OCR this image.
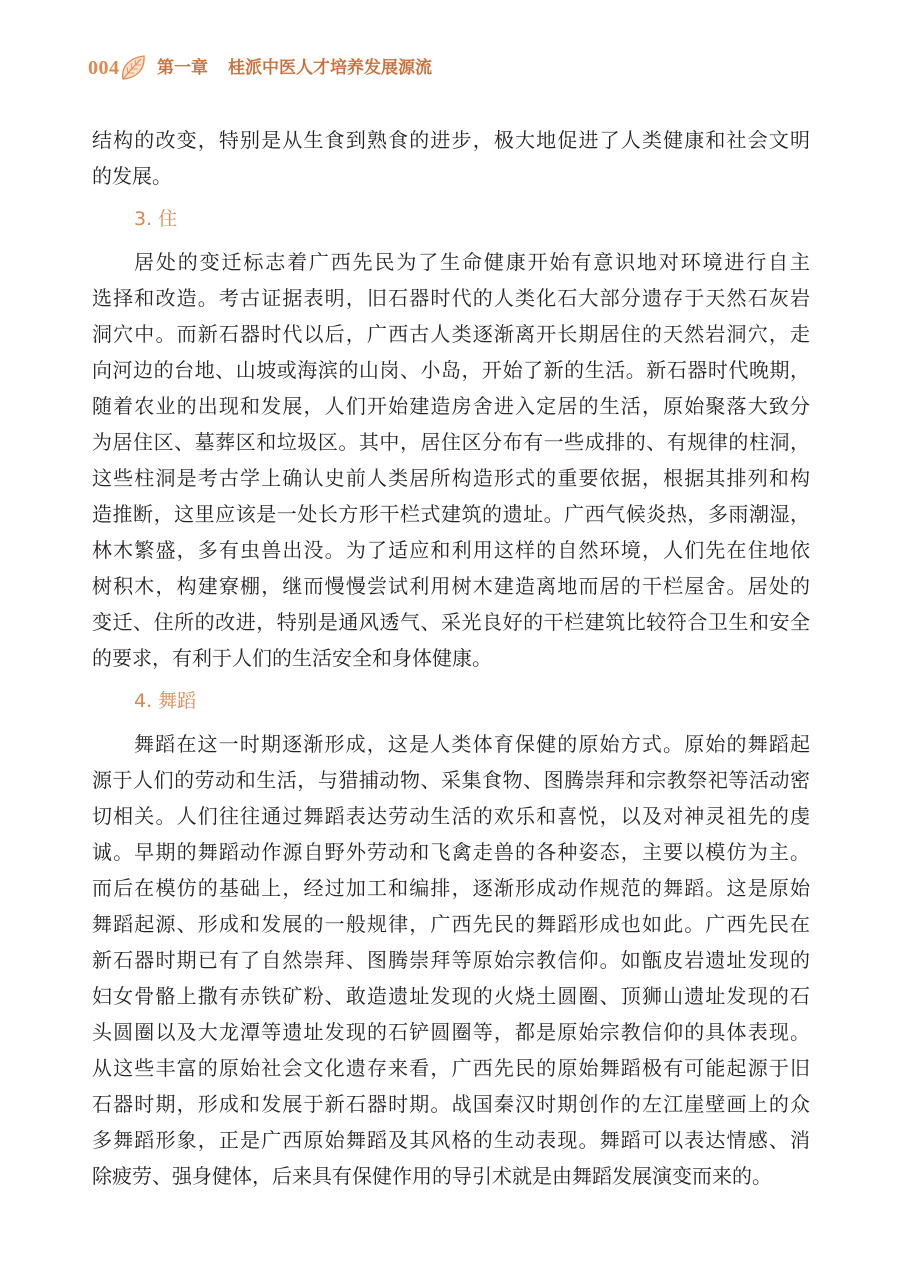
004 第一章 桂派中医人才培养发展源流
结构的改变，特别是从生食到熟食的进步，极大地促进了人类健康和社会文明
的发展。
3. 住
居处的变迁标志着广西先民为了生命健康开始有意识地对环境进行自主
选择和改造。考古证据表明，旧石器时代的人类化石大部分遗存于天然石灰岩
洞穴中。而新石器时代以后，广西古人类逐渐离开长期居住的天然岩洞穴，走
向河边的台地、山坡或海滨的山岗、小岛，开始了新的生活。新石器时代晚期，
随着农业的出现和发展，人们开始建造房舍进入定居的生活，原始聚落大致分
为居住区、墓葬区和垃圾区。其中，居住区分布有一些成排的、有规律的柱洞，
这些柱洞是考古学上确认史前人类居所构造形式的重要依据，根据其排列和构
造推断，这里应该是一处长方形干栏式建筑的遗址。广西气候炎热，多雨潮湿，
林木繁盛，多有虫兽出没。为了适应和利用这样的自然环境，人们先在住地依
树积木，构建寮棚，继而慢慢尝试利用树木建造离地而居的干栏屋舍。居处的
变迁、住所的改进，特别是通风透气、采光良好的干栏建筑比较符合卫生和安全
的要求，有利于人们的生活安全和身体健康。
4. 舞蹈
舞蹈在这一时期逐渐形成，这是人类体育保健的原始方式。原始的舞蹈起
源于人们的劳动和生活，与猎捕动物、采集食物、图腾崇拜和宗教祭祀等活动密
切相关。人们往往通过舞蹈表达劳动生活的欢乐和喜悦，以及对神灵祖先的虔
诚。早期的舞蹈动作源自野外劳动和飞禽走兽的各种姿态，主要以模仿为主。
而后在模仿的基础上，经过加工和编排，逐渐形成动作规范的舞蹈。这是原始
舞蹈起源、形成和发展的一般规律，广西先民的舞蹈形成也如此。广西先民在
新石器时期已有了自然崇拜、图腾崇拜等原始宗教信仰。如甑皮岩遗址发现的
妇女骨骼上撒有赤铁矿粉、敢造遗址发现的火烧土圆圈、顶狮山遗址发现的石
头圆圈以及大龙潭等遗址发现的石铲圆圈等，都是原始宗教信仰的具体表现。
从这些丰富的原始社会文化遗存来看，广西先民的原始舞蹈极有可能起源于旧
石器时期，形成和发展于新石器时期。战国秦汉时期创作的左江崖壁画上的众
多舞蹈形象，正是广西原始舞蹈及其风格的生动表现。舞蹈可以表达情感、消
除疲劳、强身健体，后来具有保健作用的导引术就是由舞蹈发展演变而来的。
